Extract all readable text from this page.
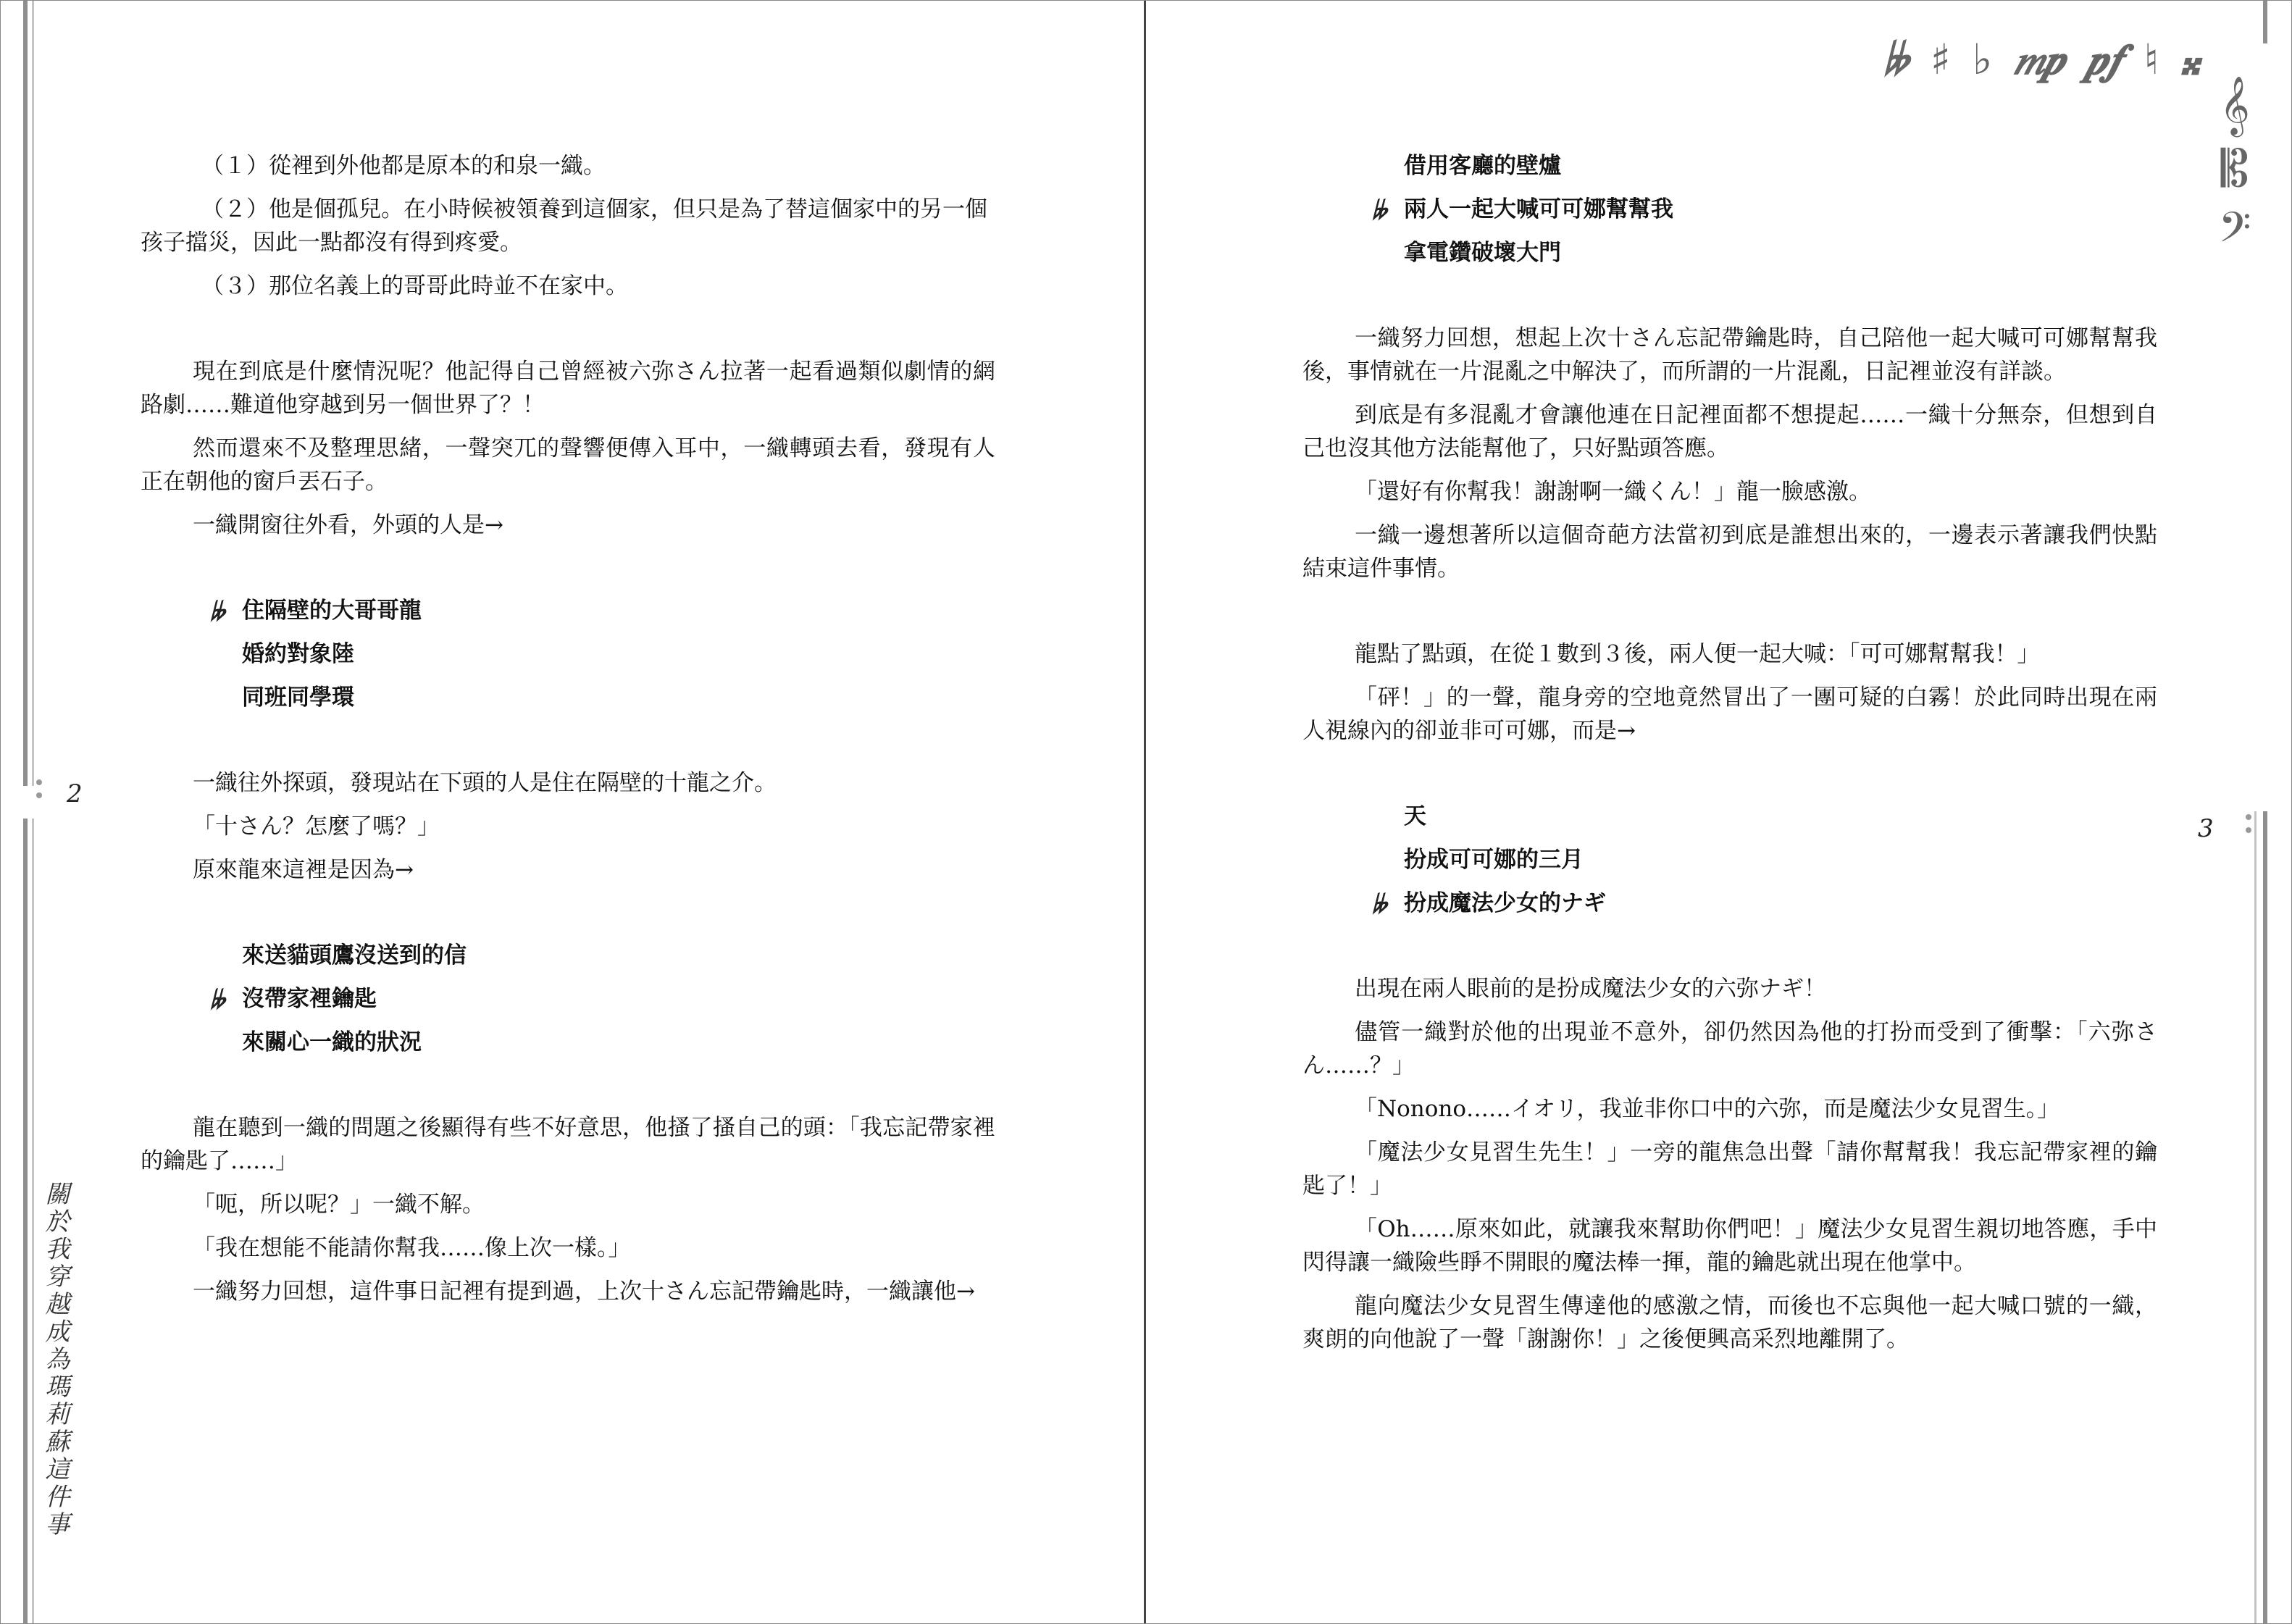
2
關於我穿越成為瑪莉蘇這件事
（１）從裡到外他都是原本的和泉一織。
（２）他是個孤兒。在小時候被領養到這個家，但只是為了替這個家中的另一個孩子擋災，因此一點都沒有得到疼愛。
（３）那位名義上的哥哥此時並不在家中。

現在到底是什麼情況呢？他記得自己曾經被六弥さん拉著一起看過類似劇情的網路劇……難道他穿越到另一個世界了？！

然而還來不及整理思緒，一聲突兀的聲響便傳入耳中，一織轉頭去看，發現有人正在朝他的窗戶丟石子。

一織開窗往外看，外頭的人是→

𝄫 住隔壁的大哥哥龍
婚約對象陸
同班同學環

一織往外探頭，發現站在下頭的人是住在隔壁的十龍之介。

「十さん？怎麼了嗎？」

原來龍來這裡是因為→

來送貓頭鷹沒送到的信
𝄫 沒帶家裡鑰匙
來關心一織的狀況

龍在聽到一織的問題之後顯得有些不好意思，他搔了搔自己的頭：「我忘記帶家裡的鑰匙了……」

「呃，所以呢？」一織不解。

「我在想能不能請你幫我……像上次一樣。」

一織努力回想，這件事日記裡有提到過，上次十さん忘記帶鑰匙時，一織讓他→

3
𝄫 ♯ ♭ 𝆐𝆏 𝆏𝆑 ♮ 𝄪
𝄞
𝄡
𝄢
借用客廳的壁爐
𝄫 兩人一起大喊可可娜幫幫我
拿電鑽破壞大門

一織努力回想，想起上次十さん忘記帶鑰匙時，自己陪他一起大喊可可娜幫幫我後，事情就在一片混亂之中解決了，而所謂的一片混亂，日記裡並沒有詳談。

到底是有多混亂才會讓他連在日記裡面都不想提起……一織十分無奈，但想到自己也沒其他方法能幫他了，只好點頭答應。

「還好有你幫我！謝謝啊一織くん！」龍一臉感激。

一織一邊想著所以這個奇葩方法當初到底是誰想出來的，一邊表示著讓我們快點結束這件事情。

龍點了點頭，在從１數到３後，兩人便一起大喊：「可可娜幫幫我！」

「砰！」的一聲，龍身旁的空地竟然冒出了一團可疑的白霧！於此同時出現在兩人視線內的卻並非可可娜，而是→

天
扮成可可娜的三月
𝄫 扮成魔法少女的ナギ

出現在兩人眼前的是扮成魔法少女的六弥ナギ！

儘管一織對於他的出現並不意外，卻仍然因為他的打扮而受到了衝擊：「六弥さん……？」

「Nonono……イオリ，我並非你口中的六弥，而是魔法少女見習生。」

「魔法少女見習生先生！」一旁的龍焦急出聲「請你幫幫我！我忘記帶家裡的鑰匙了！」

「Oh……原來如此，就讓我來幫助你們吧！」魔法少女見習生親切地答應，手中閃得讓一織險些睜不開眼的魔法棒一揮，龍的鑰匙就出現在他掌中。

龍向魔法少女見習生傳達他的感激之情，而後也不忘與他一起大喊口號的一織，爽朗的向他說了一聲「謝謝你！」之後便興高采烈地離開了。
